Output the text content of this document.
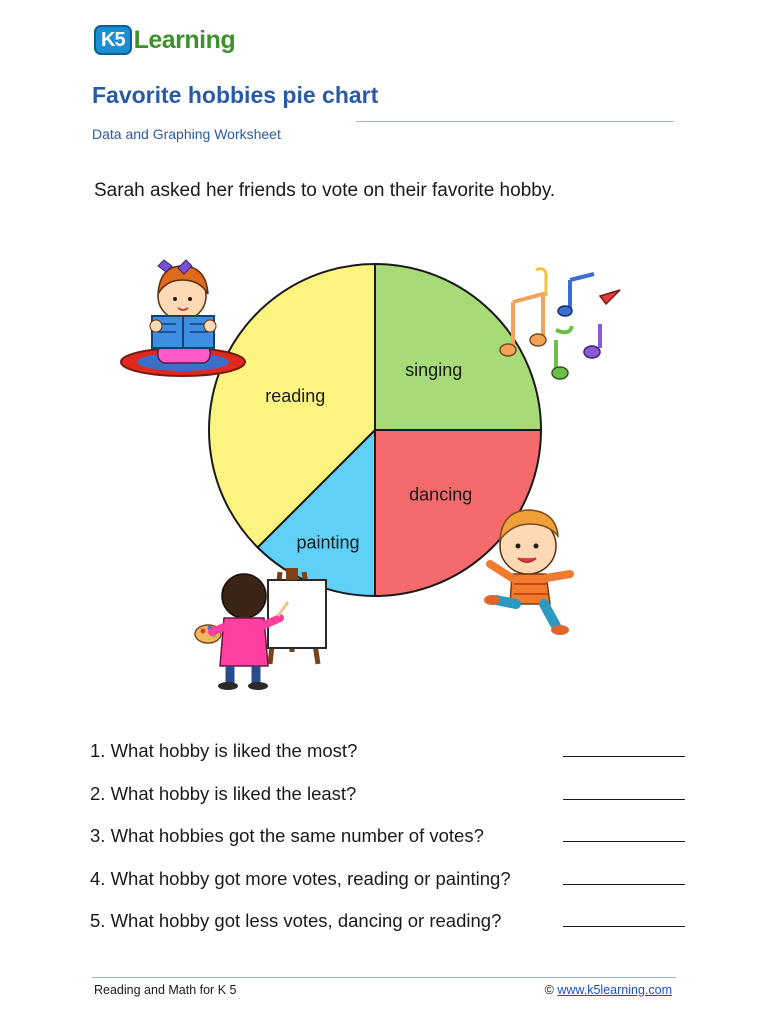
K5 Learning
Favorite hobbies pie chart
Data and Graphing Worksheet
Sarah asked her friends to vote on their favorite hobby.
singing
dancing
painting
reading
1. What hobby is liked the most?
2. What hobby is liked the least?
3. What hobbies got the same number of votes?
4. What hobby got more votes, reading or painting?
5. What hobby got less votes, dancing or reading?
Reading and Math for K 5	© www.k5learning.com
